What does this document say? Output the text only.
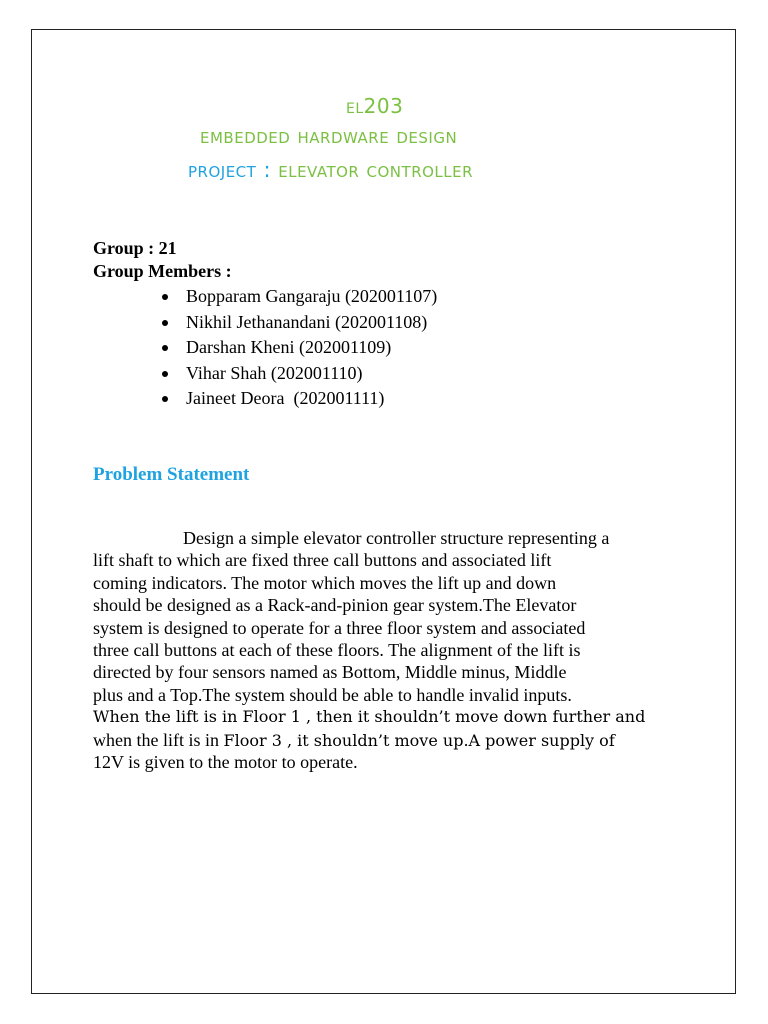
el203
embedded hardware design
project : elevator controller
Group : 21
Group Members :
Bopparam Gangaraju (202001107)
Nikhil Jethanandani (202001108)
Darshan Kheni (202001109)
Vihar Shah (202001110)
Jaineet Deora  (202001111)
Problem Statement
Design a simple elevator controller structure representing a
lift shaft to which are fixed three call buttons and associated lift
coming indicators. The motor which moves the lift up and down
should be designed as a Rack-and-pinion gear system.The Elevator
system is designed to operate for a three floor system and associated
three call buttons at each of these floors. The alignment of the lift is
directed by four sensors named as Bottom, Middle minus, Middle
plus and a Top.The system should be able to handle invalid inputs.
When the lift is in Floor 1 , then it shouldn’t move down further and
when the lift is in Floor 3 , it shouldn’t move up.A power supply of
12V is given to the motor to operate.
